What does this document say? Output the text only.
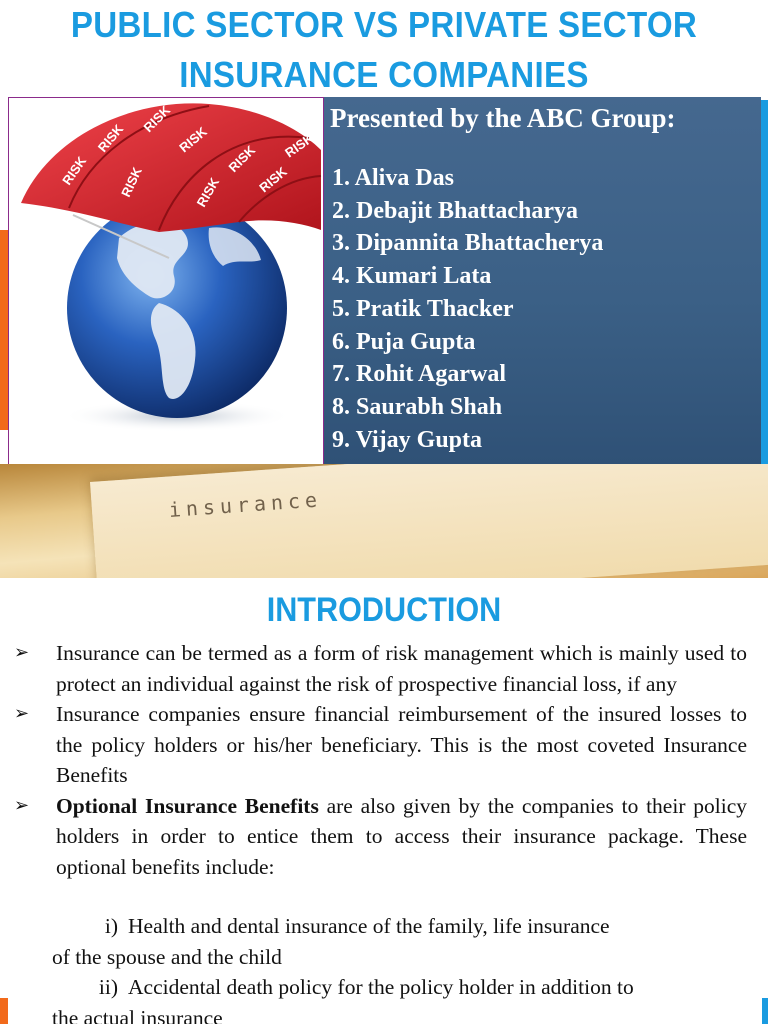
PUBLIC SECTOR VS PRIVATE SECTOR
INSURANCE COMPANIES
RISK
RISK
RISK
RISK
RISK
RISK
RISK
RISK
RISK
Presented by the ABC Group:
1. Aliva Das
2. Debajit Bhattacharya
3. Dipannita Bhattacherya
4. Kumari Lata
5. Pratik Thacker
6. Puja Gupta
7. Rohit Agarwal
8. Saurabh Shah
9. Vijay Gupta
insurance
INTRODUCTION
➢ Insurance can be termed as a form of risk management which is mainly used to protect an individual against the risk of prospective financial loss, if any
➢ Insurance companies ensure financial reimbursement of the insured losses to the policy holders or his/her beneficiary. This is the most coveted Insurance Benefits
➢ Optional Insurance Benefits are also given by the companies to their policy holders in order to entice them to access their insurance package. These optional benefits include:
i) Health and dental insurance of the family, life insurance
of the spouse and the child
ii) Accidental death policy for the policy holder in addition to
the actual insurance
